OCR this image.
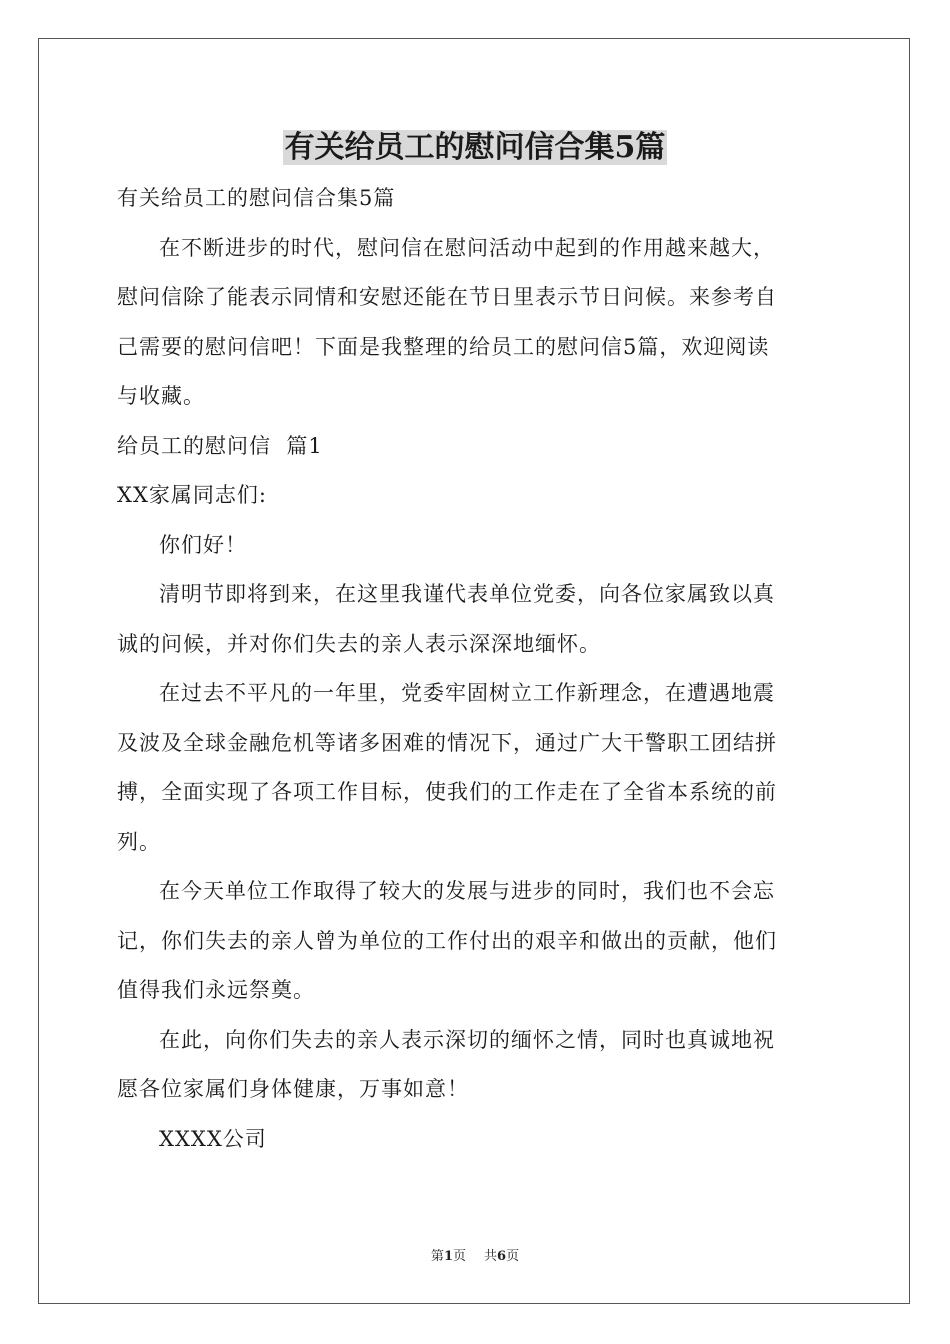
有关给员工的慰问信合集5篇

有关给员工的慰问信合集5篇

在不断进步的时代，慰问信在慰问活动中起到的作用越来越大，

慰问信除了能表示同情和安慰还能在节日里表示节日问候。来参考自

己需要的慰问信吧！下面是我整理的给员工的慰问信5篇，欢迎阅读

与收藏。

给员工的慰问信  篇1

XX家属同志们:

你们好！

清明节即将到来，在这里我谨代表单位党委，向各位家属致以真

诚的问候，并对你们失去的亲人表示深深地缅怀。

在过去不平凡的一年里，党委牢固树立工作新理念，在遭遇地震

及波及全球金融危机等诸多困难的情况下，通过广大干警职工团结拼

搏，全面实现了各项工作目标，使我们的工作走在了全省本系统的前

列。

在今天单位工作取得了较大的发展与进步的同时，我们也不会忘

记，你们失去的亲人曾为单位的工作付出的艰辛和做出的贡献，他们

值得我们永远祭奠。

在此，向你们失去的亲人表示深切的缅怀之情，同时也真诚地祝

愿各位家属们身体健康，万事如意！

XXXX公司

第1页 共6页
